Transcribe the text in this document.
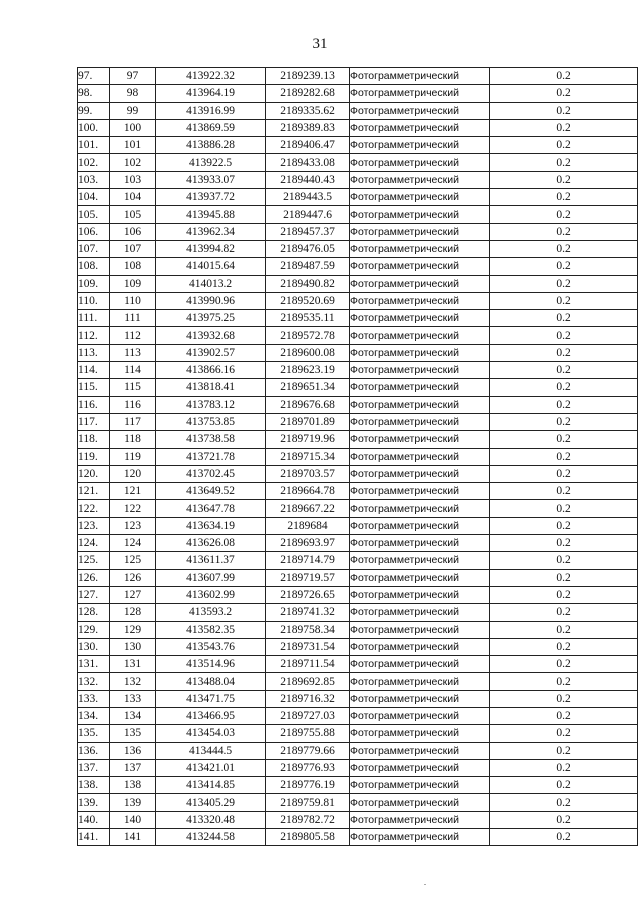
31
97.	97	413922.32	2189239.13	Фотограмметрический	0.2
98.	98	413964.19	2189282.68	Фотограмметрический	0.2
99.	99	413916.99	2189335.62	Фотограмметрический	0.2
100.	100	413869.59	2189389.83	Фотограмметрический	0.2
101.	101	413886.28	2189406.47	Фотограмметрический	0.2
102.	102	413922.5	2189433.08	Фотограмметрический	0.2
103.	103	413933.07	2189440.43	Фотограмметрический	0.2
104.	104	413937.72	2189443.5	Фотограмметрический	0.2
105.	105	413945.88	2189447.6	Фотограмметрический	0.2
106.	106	413962.34	2189457.37	Фотограмметрический	0.2
107.	107	413994.82	2189476.05	Фотограмметрический	0.2
108.	108	414015.64	2189487.59	Фотограмметрический	0.2
109.	109	414013.2	2189490.82	Фотограмметрический	0.2
110.	110	413990.96	2189520.69	Фотограмметрический	0.2
111.	111	413975.25	2189535.11	Фотограмметрический	0.2
112.	112	413932.68	2189572.78	Фотограмметрический	0.2
113.	113	413902.57	2189600.08	Фотограмметрический	0.2
114.	114	413866.16	2189623.19	Фотограмметрический	0.2
115.	115	413818.41	2189651.34	Фотограмметрический	0.2
116.	116	413783.12	2189676.68	Фотограмметрический	0.2
117.	117	413753.85	2189701.89	Фотограмметрический	0.2
118.	118	413738.58	2189719.96	Фотограмметрический	0.2
119.	119	413721.78	2189715.34	Фотограмметрический	0.2
120.	120	413702.45	2189703.57	Фотограмметрический	0.2
121.	121	413649.52	2189664.78	Фотограмметрический	0.2
122.	122	413647.78	2189667.22	Фотограмметрический	0.2
123.	123	413634.19	2189684	Фотограмметрический	0.2
124.	124	413626.08	2189693.97	Фотограмметрический	0.2
125.	125	413611.37	2189714.79	Фотограмметрический	0.2
126.	126	413607.99	2189719.57	Фотограмметрический	0.2
127.	127	413602.99	2189726.65	Фотограмметрический	0.2
128.	128	413593.2	2189741.32	Фотограмметрический	0.2
129.	129	413582.35	2189758.34	Фотограмметрический	0.2
130.	130	413543.76	2189731.54	Фотограмметрический	0.2
131.	131	413514.96	2189711.54	Фотограмметрический	0.2
132.	132	413488.04	2189692.85	Фотограмметрический	0.2
133.	133	413471.75	2189716.32	Фотограмметрический	0.2
134.	134	413466.95	2189727.03	Фотограмметрический	0.2
135.	135	413454.03	2189755.88	Фотограмметрический	0.2
136.	136	413444.5	2189779.66	Фотограмметрический	0.2
137.	137	413421.01	2189776.93	Фотограмметрический	0.2
138.	138	413414.85	2189776.19	Фотограмметрический	0.2
139.	139	413405.29	2189759.81	Фотограмметрический	0.2
140.	140	413320.48	2189782.72	Фотограмметрический	0.2
141.	141	413244.58	2189805.58	Фотограмметрический	0.2
